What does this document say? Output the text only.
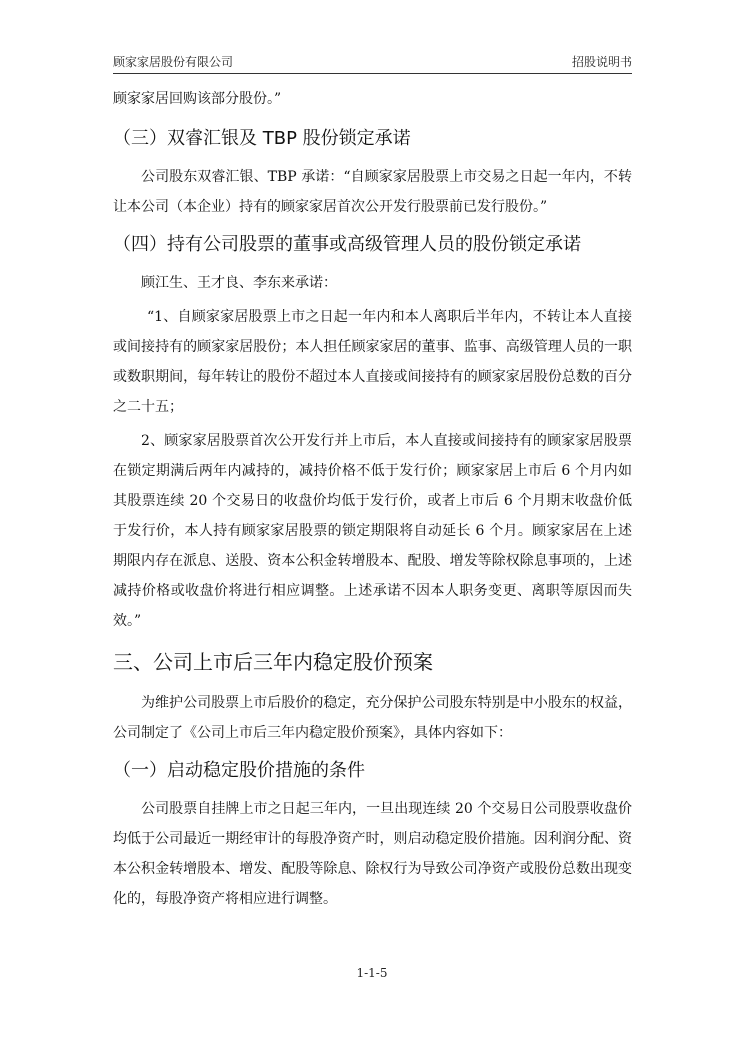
顾家家居股份有限公司	招股说明书

顾家家居回购该部分股份。”

（三）双睿汇银及 TBP 股份锁定承诺

公司股东双睿汇银、TBP 承诺：“自顾家家居股票上市交易之日起一年内，不转让本公司（本企业）持有的顾家家居首次公开发行股票前已发行股份。”

（四）持有公司股票的董事或高级管理人员的股份锁定承诺

顾江生、王才良、李东来承诺：

“1、自顾家家居股票上市之日起一年内和本人离职后半年内，不转让本人直接或间接持有的顾家家居股份；本人担任顾家家居的董事、监事、高级管理人员的一职或数职期间，每年转让的股份不超过本人直接或间接持有的顾家家居股份总数的百分之二十五；

2、顾家家居股票首次公开发行并上市后，本人直接或间接持有的顾家家居股票在锁定期满后两年内减持的，减持价格不低于发行价；顾家家居上市后 6 个月内如其股票连续 20 个交易日的收盘价均低于发行价，或者上市后 6 个月期末收盘价低于发行价，本人持有顾家家居股票的锁定期限将自动延长 6 个月。顾家家居在上述期限内存在派息、送股、资本公积金转增股本、配股、增发等除权除息事项的，上述减持价格或收盘价将进行相应调整。上述承诺不因本人职务变更、离职等原因而失效。”

三、公司上市后三年内稳定股价预案

为维护公司股票上市后股价的稳定，充分保护公司股东特别是中小股东的权益，公司制定了《公司上市后三年内稳定股价预案》，具体内容如下：

（一）启动稳定股价措施的条件

公司股票自挂牌上市之日起三年内，一旦出现连续 20 个交易日公司股票收盘价均低于公司最近一期经审计的每股净资产时，则启动稳定股价措施。因利润分配、资本公积金转增股本、增发、配股等除息、除权行为导致公司净资产或股份总数出现变化的，每股净资产将相应进行调整。

1-1-5
